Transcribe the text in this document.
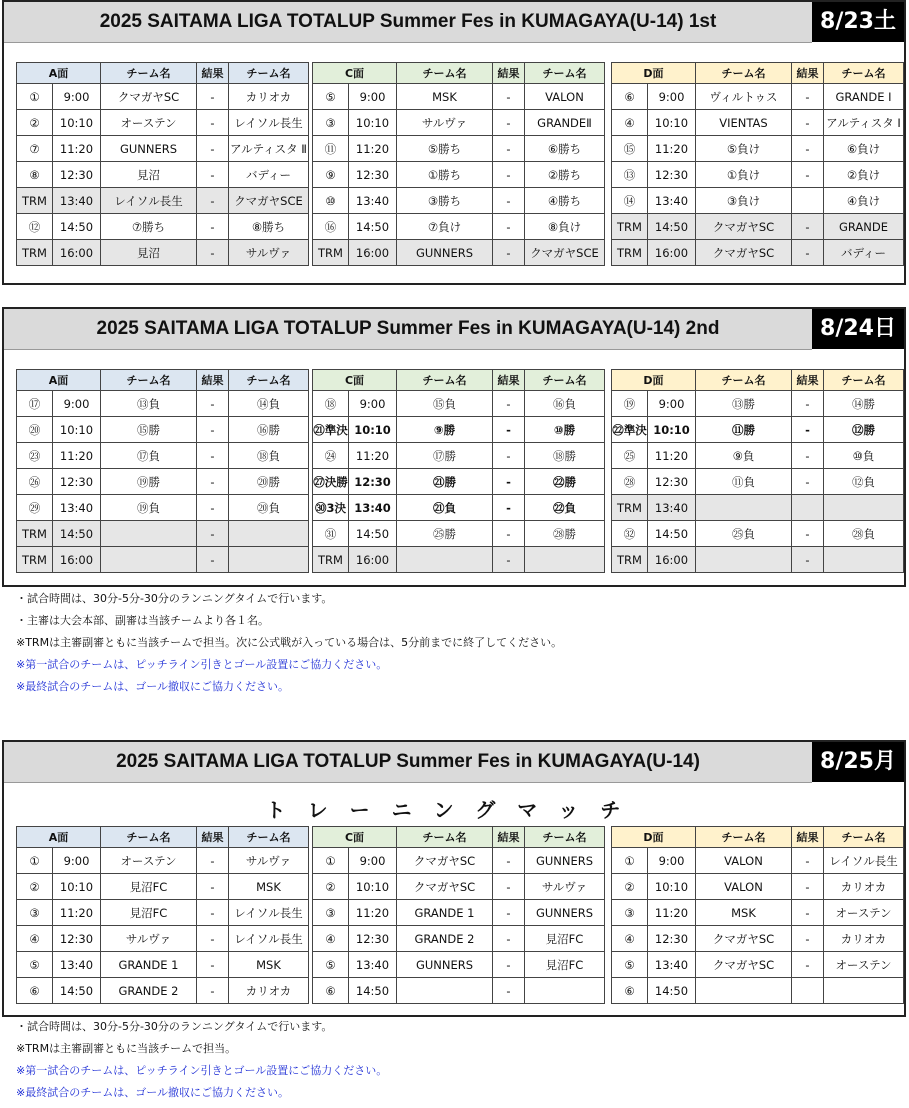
2025 SAITAMA LIGA TOTALUP Summer Fes in KUMAGAYA(U-14) 1st	8/23土
A面		チーム名	結果	チーム名
①	9:00	クマガヤSC	-	カリオカ
②	10:10	オーステン	-	レイソル長生
⑦	11:20	GUNNERS	-	アルティスタ Ⅱ
⑧	12:30	見沼	-	バディー
TRM	13:40	レイソル長生	-	クマガヤSCE
⑫	14:50	⑦勝ち	-	⑧勝ち
TRM	16:00	見沼	-	サルヴァ
C面		チーム名	結果	チーム名
⑤	9:00	MSK	-	VALON
③	10:10	サルヴァ	-	GRANDEⅡ
⑪	11:20	⑤勝ち	-	⑥勝ち
⑨	12:30	①勝ち	-	②勝ち
⑩	13:40	③勝ち	-	④勝ち
⑯	14:50	⑦負け	-	⑧負け
TRM	16:00	GUNNERS	-	クマガヤSCE
D面		チーム名	結果	チーム名
⑥	9:00	ヴィルトゥス	-	GRANDE Ⅰ
④	10:10	VIENTAS	-	アルティスタ Ⅰ
⑮	11:20	⑤負け	-	⑥負け
⑬	12:30	①負け	-	②負け
⑭	13:40	③負け		④負け
TRM	14:50	クマガヤSC	-	GRANDE
TRM	16:00	クマガヤSC	-	バディー
2025 SAITAMA LIGA TOTALUP Summer Fes in KUMAGAYA(U-14) 2nd	8/24日
A面		チーム名	結果	チーム名
⑰	9:00	⑬負	-	⑭負
⑳	10:10	⑮勝	-	⑯勝
㉓	11:20	⑰負	-	⑱負
㉖	12:30	⑲勝	-	⑳勝
㉙	13:40	⑲負	-	⑳負
TRM	14:50		-	
TRM	16:00		-	
C面		チーム名	結果	チーム名
⑱	9:00	⑮負	-	⑯負
㉑準決	10:10	⑨勝	-	⑩勝
㉔	11:20	⑰勝	-	⑱勝
㉗決勝	12:30	㉑勝	-	㉒勝
㉚3決	13:40	㉑負	-	㉒負
㉛	14:50	㉕勝	-	㉘勝
TRM	16:00		-	
D面		チーム名	結果	チーム名
⑲	9:00	⑬勝	-	⑭勝
㉒準決	10:10	⑪勝	-	⑫勝
㉕	11:20	⑨負	-	⑩負
㉘	12:30	⑪負	-	⑫負
TRM	13:40			
㉜	14:50	㉕負	-	㉘負
TRM	16:00		-	
・試合時間は、30分-5分-30分のランニングタイムで行います。
・主審は大会本部、副審は当該チームより各１名。
※TRMは主審副審ともに当該チームで担当。次に公式戦が入っている場合は、5分前までに終了してください。
※第一試合のチームは、ピッチライン引きとゴール設置にご協力ください。
※最終試合のチームは、ゴール撤収にご協力ください。
2025 SAITAMA LIGA TOTALUP Summer Fes in KUMAGAYA(U-14)	8/25月
トレーニングマッチ
A面		チーム名	結果	チーム名
①	9:00	オーステン	-	サルヴァ
②	10:10	見沼FC	-	MSK
③	11:20	見沼FC	-	レイソル長生
④	12:30	サルヴァ	-	レイソル長生
⑤	13:40	GRANDE 1	-	MSK
⑥	14:50	GRANDE 2	-	カリオカ
C面		チーム名	結果	チーム名
①	9:00	クマガヤSC	-	GUNNERS
②	10:10	クマガヤSC	-	サルヴァ
③	11:20	GRANDE 1	-	GUNNERS
④	12:30	GRANDE 2	-	見沼FC
⑤	13:40	GUNNERS	-	見沼FC
⑥	14:50		-	
D面		チーム名	結果	チーム名
①	9:00	VALON	-	レイソル長生
②	10:10	VALON	-	カリオカ
③	11:20	MSK	-	オーステン
④	12:30	クマガヤSC	-	カリオカ
⑤	13:40	クマガヤSC	-	オーステン
⑥	14:50			
・試合時間は、30分-5分-30分のランニングタイムで行います。
※TRMは主審副審ともに当該チームで担当。
※第一試合のチームは、ピッチライン引きとゴール設置にご協力ください。
※最終試合のチームは、ゴール撤収にご協力ください。
